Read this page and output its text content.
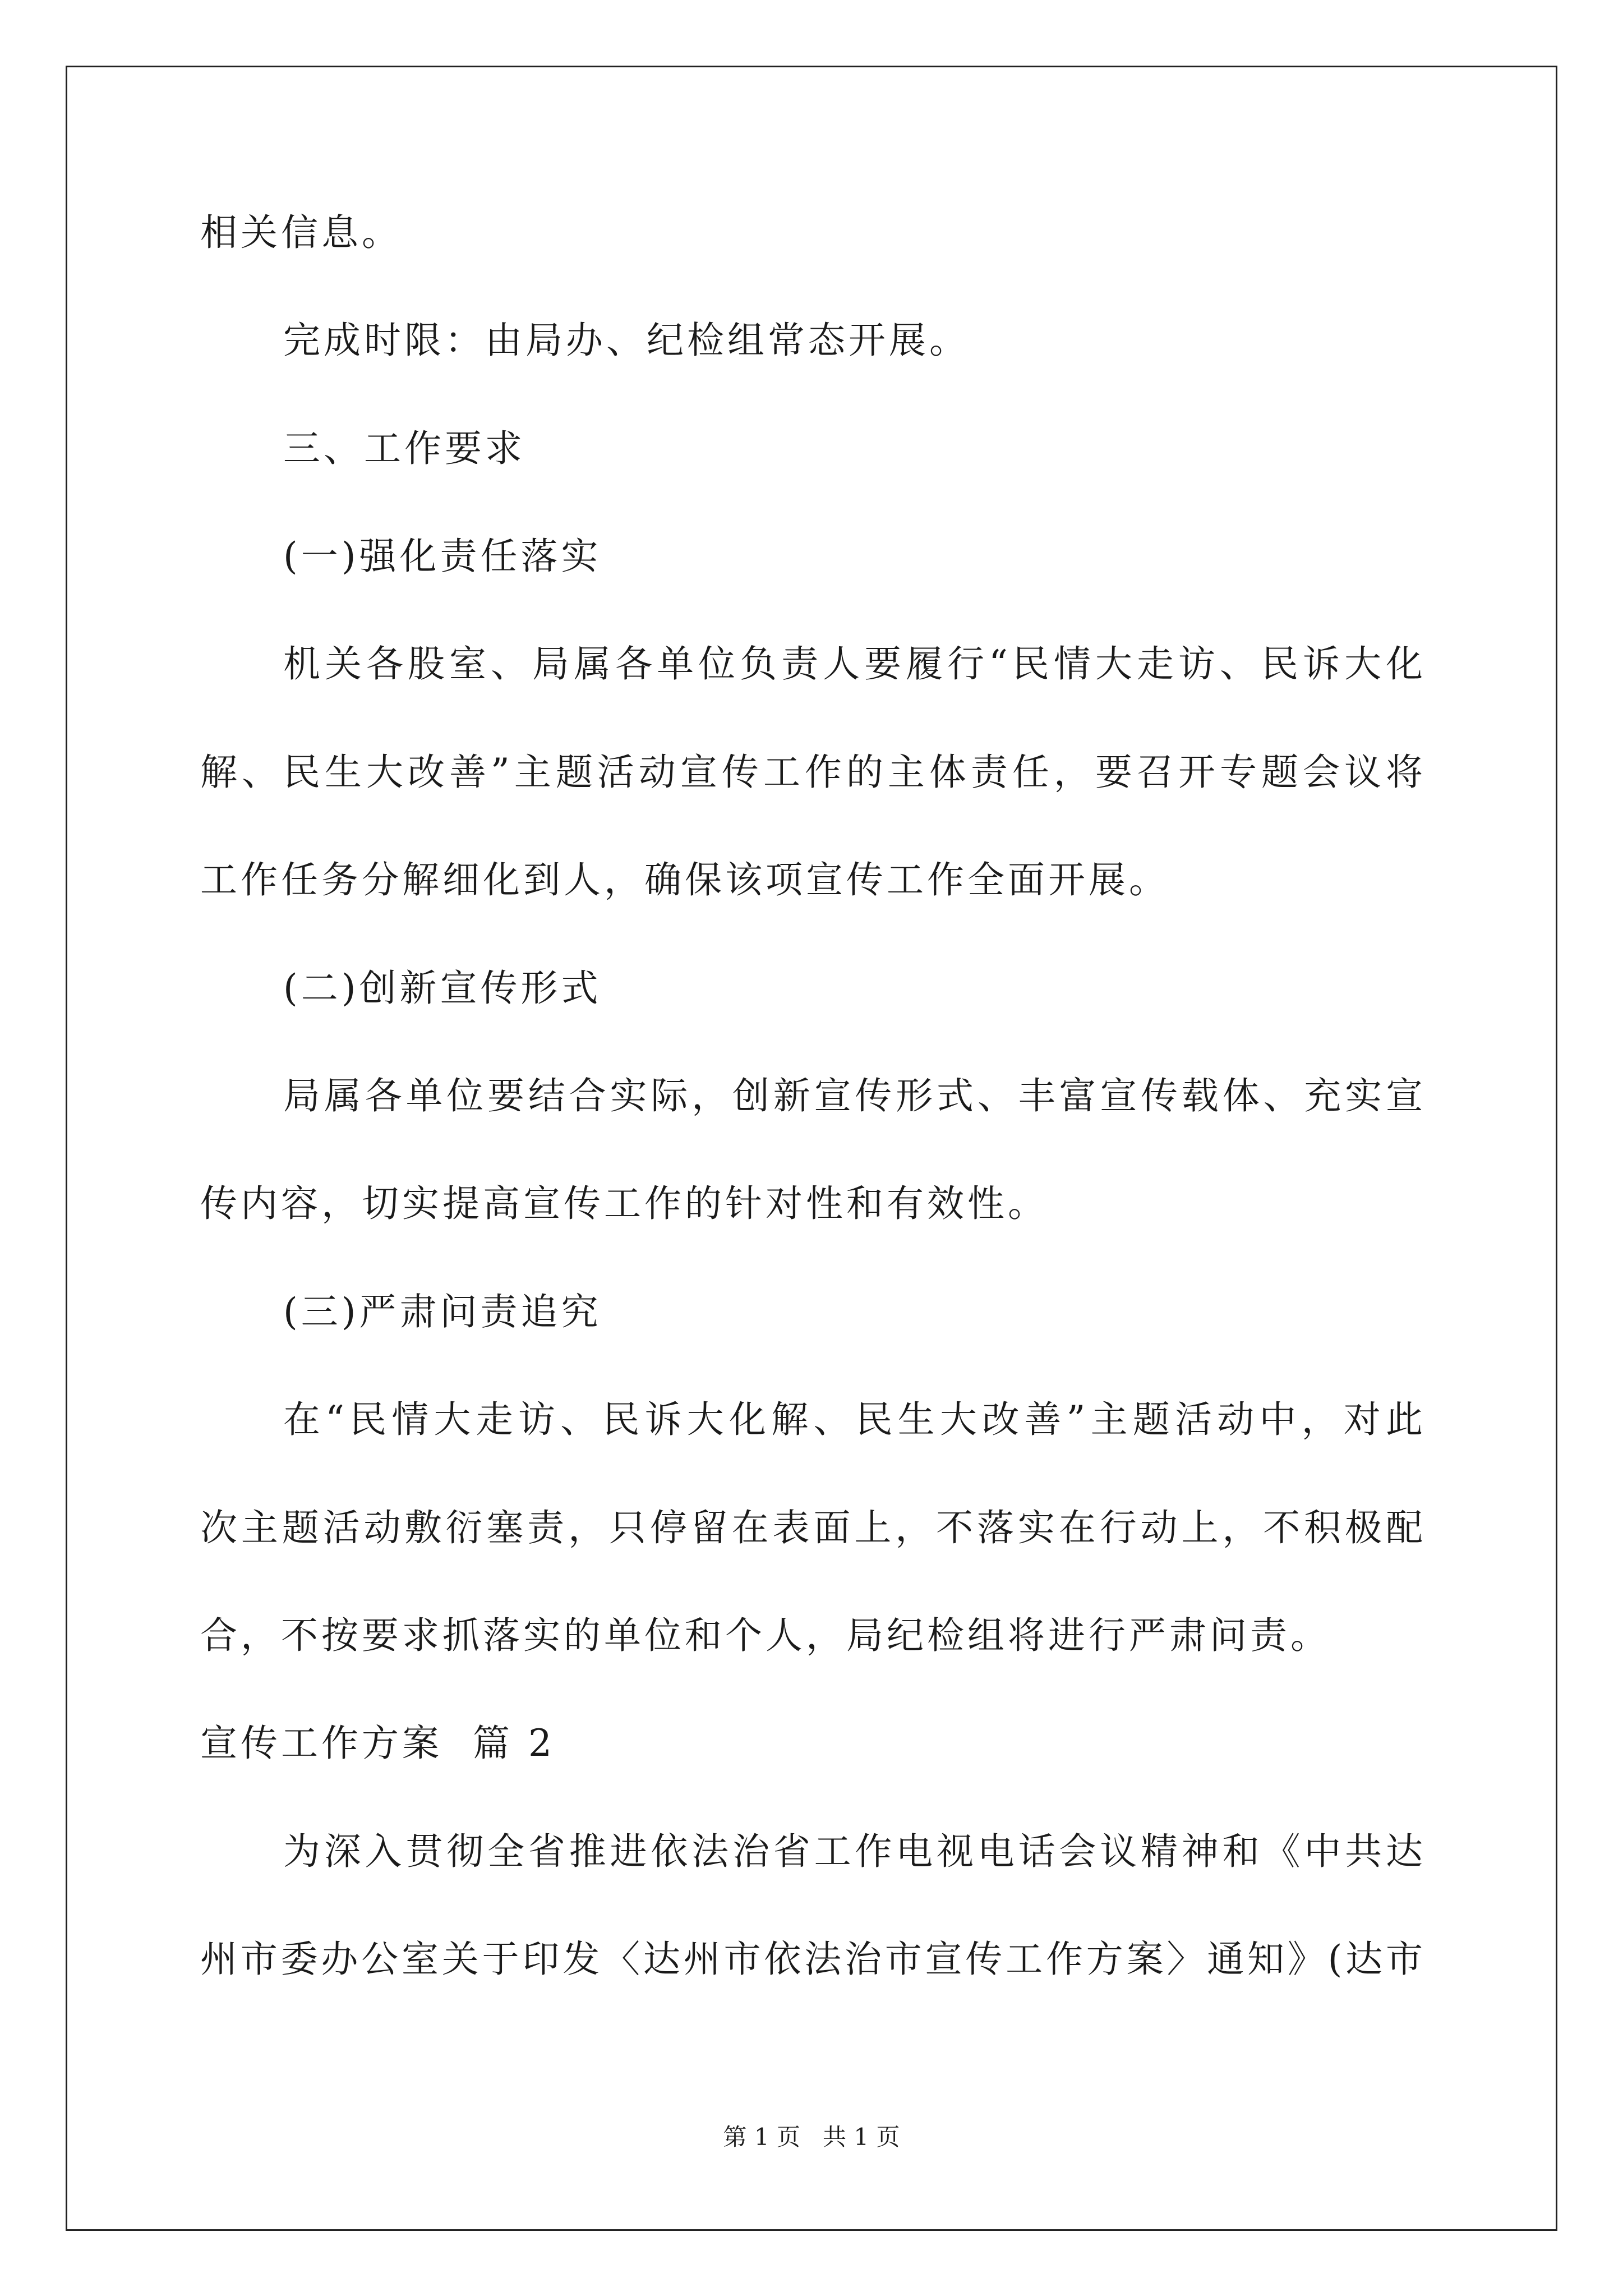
相关信息。
完成时限：由局办、纪检组常态开展。
三、工作要求
(一)强化责任落实
机关各股室、局属各单位负责人要履行“民情大走访、民诉大化
解、民生大改善”主题活动宣传工作的主体责任，要召开专题会议将
工作任务分解细化到人，确保该项宣传工作全面开展。
(二)创新宣传形式
局属各单位要结合实际，创新宣传形式、丰富宣传载体、充实宣
传内容，切实提高宣传工作的针对性和有效性。
(三)严肃问责追究
在“民情大走访、民诉大化解、民生大改善”主题活动中，对此
次主题活动敷衍塞责，只停留在表面上，不落实在行动上，不积极配
合，不按要求抓落实的单位和个人，局纪检组将进行严肃问责。
宣传工作方案  篇 2
为深入贯彻全省推进依法治省工作电视电话会议精神和《中共达
州市委办公室关于印发〈达州市依法治市宣传工作方案〉通知》(达市
第 1 页   共 1 页
